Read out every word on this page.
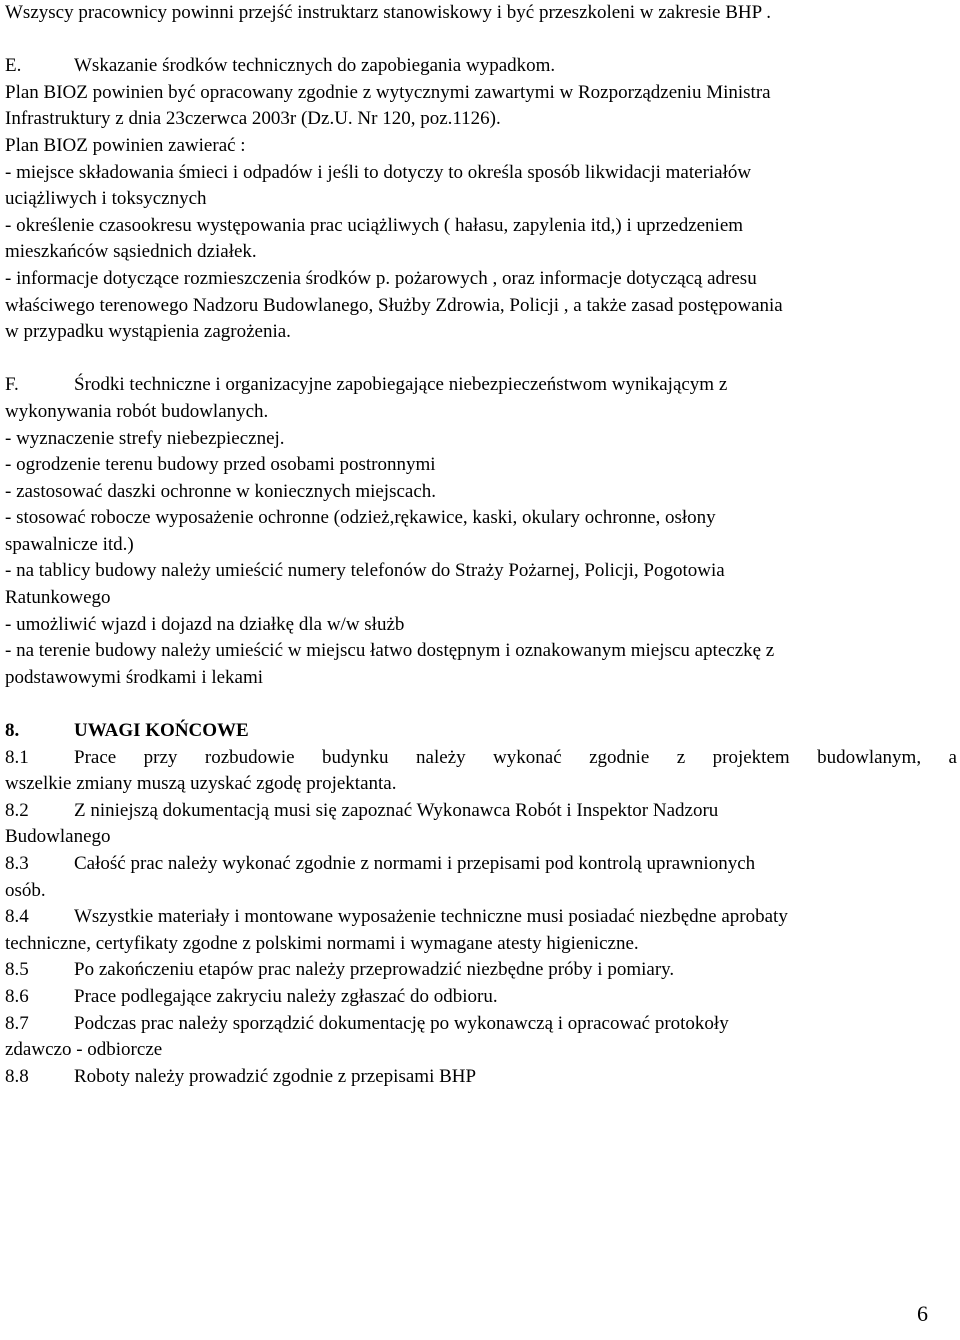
Wszyscy pracownicy powinni przejść instruktarz stanowiskowy i być przeszkoleni w zakresie BHP .
E.	Wskazanie środków technicznych do zapobiegania wypadkom.
Plan BIOZ powinien być opracowany zgodnie z wytycznymi zawartymi w Rozporządzeniu Ministra
Infrastruktury z dnia 23czerwca 2003r (Dz.U. Nr 120, poz.1126).
Plan BIOZ powinien zawierać :
- miejsce składowania śmieci i odpadów i jeśli to dotyczy to określa sposób likwidacji materiałów
uciążliwych i toksycznych
- określenie czasookresu występowania prac uciążliwych ( hałasu, zapylenia itd,) i uprzedzeniem
mieszkańców sąsiednich działek.
- informacje dotyczące rozmieszczenia środków p. pożarowych , oraz informacje dotyczącą adresu
właściwego terenowego Nadzoru Budowlanego, Służby Zdrowia, Policji , a także zasad postępowania
w przypadku wystąpienia zagrożenia.
F.	Środki techniczne i organizacyjne zapobiegające niebezpieczeństwom wynikającym z
wykonywania robót budowlanych.
- wyznaczenie strefy niebezpiecznej.
- ogrodzenie terenu budowy przed osobami postronnymi
- zastosować daszki ochronne w koniecznych miejscach.
- stosować robocze wyposażenie ochronne (odzież,rękawice, kaski, okulary ochronne, osłony
spawalnicze itd.)
- na tablicy budowy należy umieścić numery telefonów do Straży Pożarnej, Policji, Pogotowia
Ratunkowego
- umożliwić wjazd i dojazd na działkę dla w/w służb
- na terenie budowy należy umieścić w miejscu łatwo dostępnym i oznakowanym miejscu apteczkę z
podstawowymi środkami i lekami
8.	UWAGI KOŃCOWE
8.1 Prace przy rozbudowie budynku należy wykonać zgodnie z projektem budowlanym, a
wszelkie zmiany muszą uzyskać zgodę projektanta.
8.2 Z niniejszą dokumentacją musi się zapoznać Wykonawca Robót i Inspektor Nadzoru
Budowlanego
8.3 Całość prac należy wykonać zgodnie z normami i przepisami pod kontrolą uprawnionych
osób.
8.4 Wszystkie materiały i montowane wyposażenie techniczne musi posiadać niezbędne aprobaty
techniczne, certyfikaty zgodne z polskimi normami i wymagane atesty higieniczne.
8.5 Po zakończeniu etapów prac należy przeprowadzić niezbędne próby i pomiary.
8.6 Prace podlegające zakryciu należy zgłaszać do odbioru.
8.7 Podczas prac należy sporządzić dokumentację po wykonawczą i opracować protokoły
zdawczo - odbiorcze
8.8 Roboty należy prowadzić zgodnie z przepisami BHP
6
